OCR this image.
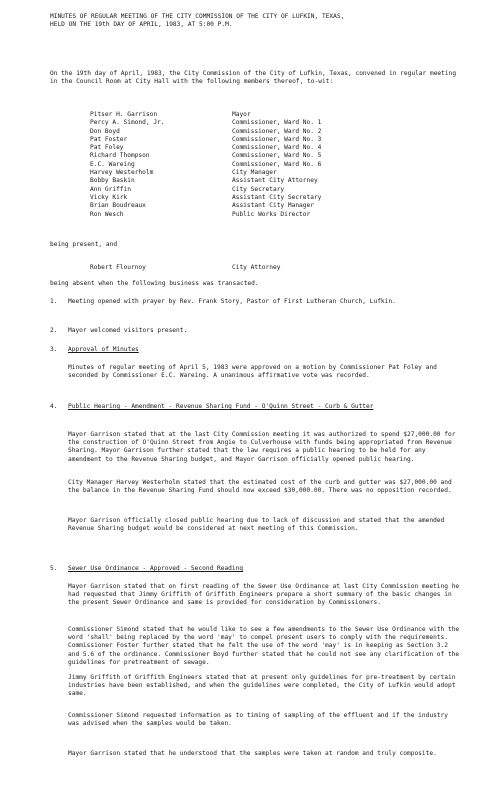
MINUTES OF REGULAR MEETING OF THE CITY COMMISSION OF THE CITY OF LUFKIN, TEXAS,
HELD ON THE 19th DAY OF APRIL, 1983, AT 5:00 P.M.
On the 19th day of April, 1983, the City Commission of the City of Lufkin, Texas, convened in regular meeting in the Council Room at City Hall with the following members thereof, to-wit:
Pitser H. Garrison	Mayor
Percy A. Simond, Jr.	Commissioner, Ward No. 1
Don Boyd	Commissioner, Ward No. 2
Pat Foster	Commissioner, Ward No. 3
Pat Foley	Commissioner, Ward No. 4
Richard Thompson	Commissioner, Ward No. 5
E.C. Wareing	Commissioner, Ward No. 6
Harvey Westerholm	City Manager
Bobby Baskin	Assistant City Attorney
Ann Griffin	City Secretary
Vicky Kirk	Assistant City Secretary
Brian Boudreaux	Assistant City Manager
Ron Wesch	Public Works Director
being present, and
Robert Flournoy	City Attorney
being absent when the following business was transacted.
1.	Meeting opened with prayer by Rev. Frank Story, Pastor of First Lutheran Church, Lufkin.
2.	Mayor welcomed visitors present.
3.	Approval of Minutes
Minutes of regular meeting of April 5, 1983 were approved on a motion by Commissioner Pat Foley and seconded by Commissioner E.C. Wareing. A unanimous affirmative vote was recorded.
4.	Public Hearing - Amendment - Revenue Sharing Fund - O'Quinn Street - Curb & Gutter
Mayor Garrison stated that at the last City Commission meeting it was authorized to spend $27,000.00 for the construction of O'Quinn Street from Angie to Culverhouse with funds being appropriated from Revenue Sharing. Mayor Garrison further stated that the law requires a public hearing to be held for any amendment to the Revenue Sharing budget, and Mayor Garrison officially opened public hearing.
City Manager Harvey Westerholm stated that the estimated cost of the curb and gutter was $27,000.00 and the balance in the Revenue Sharing Fund should now exceed $30,000.00. There was no opposition recorded.
Mayor Garrison officially closed public hearing due to lack of discussion and stated that the amended Revenue Sharing budget would be considered at next meeting of this Commission.
5.	Sewer Use Ordinance - Approved - Second Reading
Mayor Garrison stated that on first reading of the Sewer Use Ordinance at last City Commission meeting he had requested that Jimmy Griffith of Griffith Engineers prepare a short summary of the basic changes in the present Sewer Ordinance and same is provided for consideration by Commissioners.
Commissioner Simond stated that he would like to see a few amendments to the Sewer Use Ordinance with the word 'shall' being replaced by the word 'may' to compel present users to comply with the requirements. Commissioner Foster further stated that he felt the use of the word 'may' is in keeping as Section 3.2 and 5.6 of the ordinance. Commissioner Boyd further stated that he could not see any clarification of the guidelines for pretreatment of sewage.
Jimmy Griffith of Griffith Engineers stated that at present only guidelines for pre-treatment by certain industries have been established, and when the guidelines were completed, the City of Lufkin would adopt same.
Commissioner Simond requested information as to timing of sampling of the effluent and if the industry was advised when the samples would be taken.
Mayor Garrison stated that he understood that the samples were taken at random and truly composite.
